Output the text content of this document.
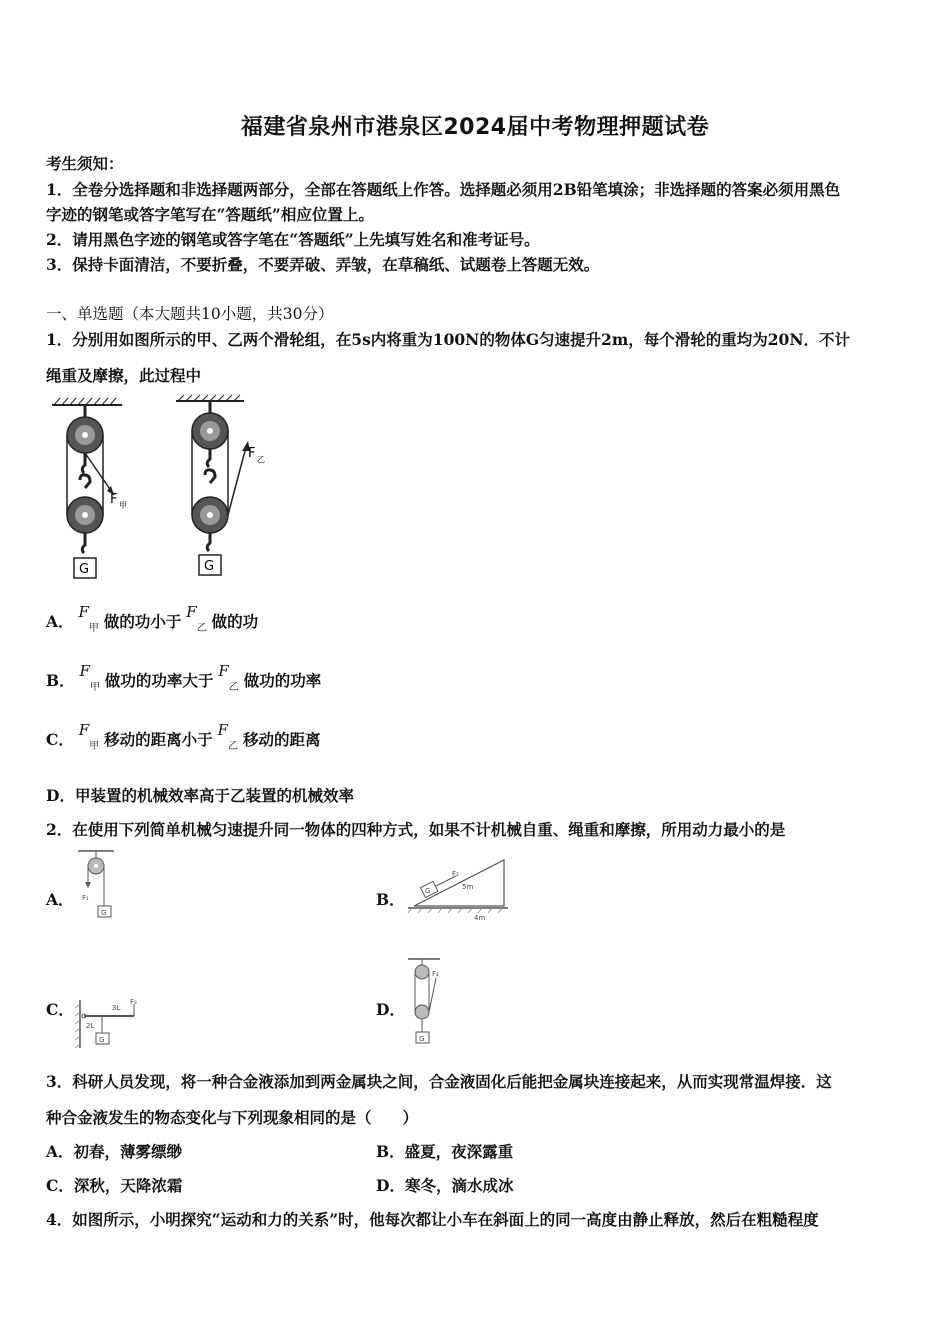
福建省泉州市港泉区2024届中考物理押题试卷
考生须知：
1．全卷分选择题和非选择题两部分，全部在答题纸上作答。选择题必须用2B铅笔填涂；非选择题的答案必须用黑色
字迹的钢笔或答字笔写在“答题纸”相应位置上。
2．请用黑色字迹的钢笔或答字笔在“答题纸”上先填写姓名和准考证号。
3．保持卡面清洁，不要折叠，不要弄破、弄皱，在草稿纸、试题卷上答题无效。
一、单选题（本大题共10小题，共30分）
1．分别用如图所示的甲、乙两个滑轮组，在5s内将重为100N的物体G匀速提升2m，每个滑轮的重均为20N．不计
绳重及摩擦，此过程中
F 甲
G
F 乙
G
A． $F_甲$ 做的功小于 $F_乙$ 做的功
B． $F_甲$ 做功的功率大于 $F_乙$ 做功的功率
C． $F_甲$ 移动的距离小于 $F_乙$ 移动的距离
D．甲装置的机械效率高于乙装置的机械效率
2．在使用下列简单机械匀速提升同一物体的四种方式，如果不计机械自重、绳重和摩擦，所用动力最小的是
A． F₁
G
B．	G
F₂
5m
4m
C．	3L
F₃
2L
G
D．
F₄
G
3．科研人员发现，将一种合金液添加到两金属块之间，合金液固化后能把金属块连接起来，从而实现常温焊接．这
种合金液发生的物态变化与下列现象相同的是（　　）
A．初春，薄雾缥缈	B．盛夏，夜深露重
C．深秋，天降浓霜	D．寒冬，滴水成冰
4．如图所示，小明探究“运动和力的关系”时，他每次都让小车在斜面上的同一高度由静止释放，然后在粗糙程度
